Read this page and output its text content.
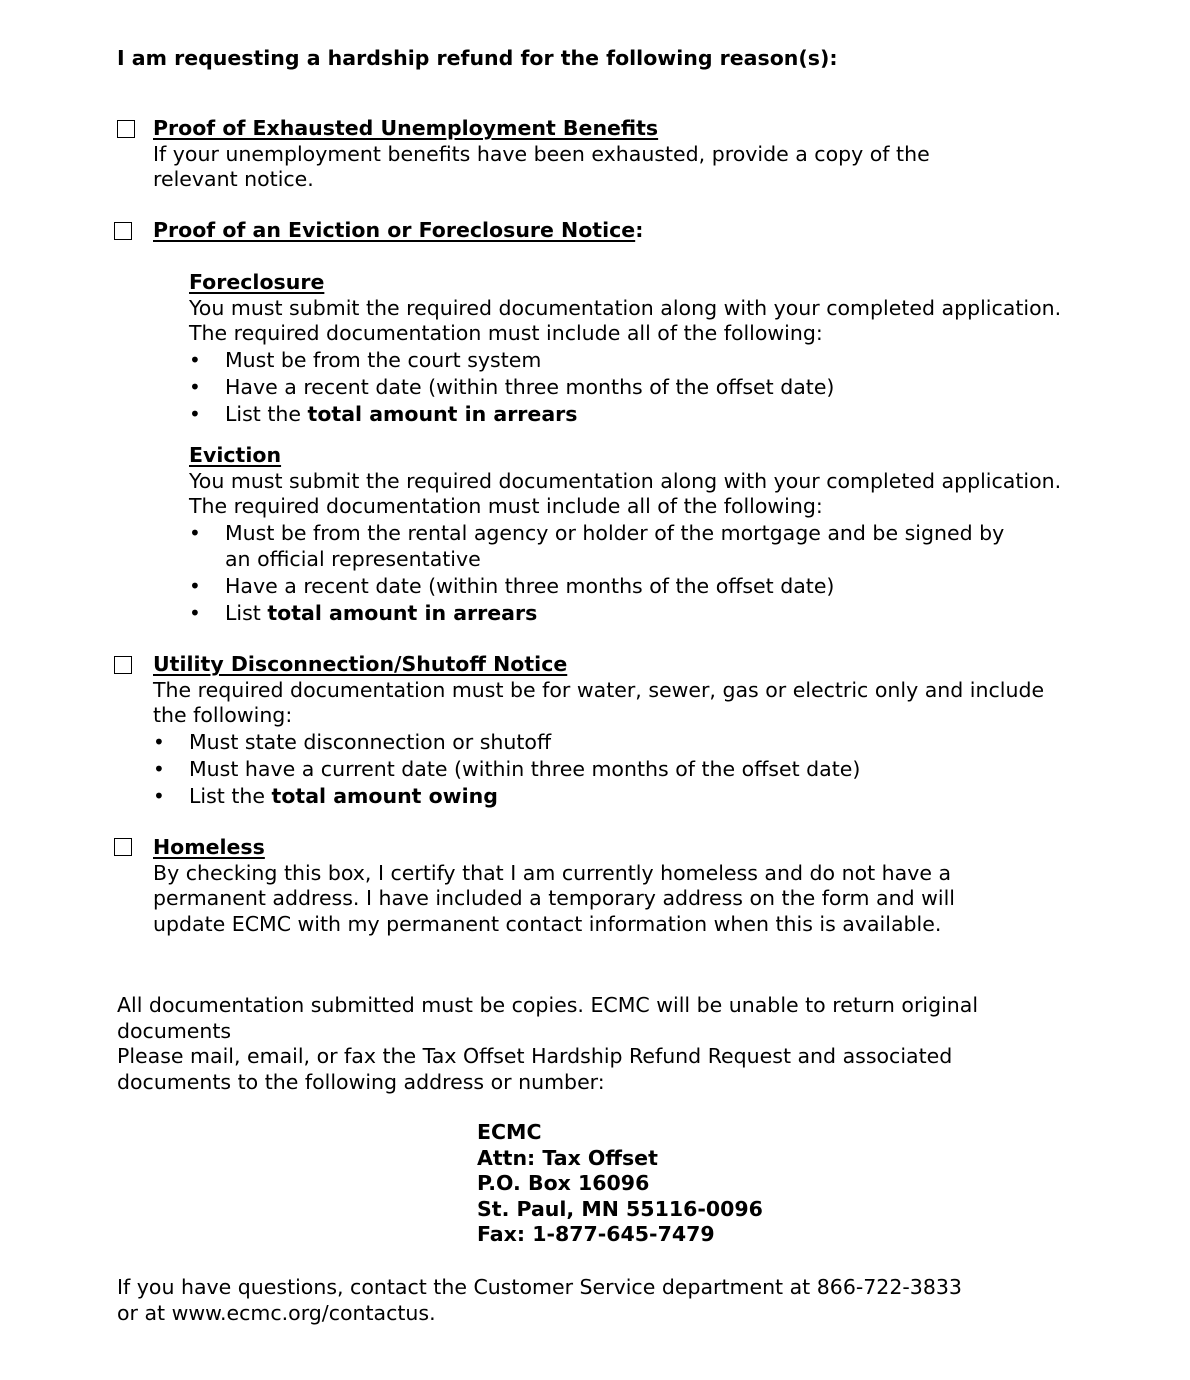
I am requesting a hardship refund for the following reason(s):
Proof of Exhausted Unemployment Benefits
If your unemployment benefits have been exhausted, provide a copy of the relevant notice.
Proof of an Eviction or Foreclosure Notice:
Foreclosure
You must submit the required documentation along with your completed application.
The required documentation must include all of the following:
• Must be from the court system
• Have a recent date (within three months of the offset date)
• List the total amount in arrears
Eviction
You must submit the required documentation along with your completed application.
The required documentation must include all of the following:
• Must be from the rental agency or holder of the mortgage and be signed by an official representative
• Have a recent date (within three months of the offset date)
• List total amount in arrears
Utility Disconnection/Shutoff Notice
The required documentation must be for water, sewer, gas or electric only and include the following:
• Must state disconnection or shutoff
• Must have a current date (within three months of the offset date)
• List the total amount owing
Homeless
By checking this box, I certify that I am currently homeless and do not have a permanent address. I have included a temporary address on the form and will update ECMC with my permanent contact information when this is available.
All documentation submitted must be copies. ECMC will be unable to return original documents
Please mail, email, or fax the Tax Offset Hardship Refund Request and associated documents to the following address or number:
ECMC
Attn: Tax Offset
P.O. Box 16096
St. Paul, MN 55116-0096
Fax: 1-877-645-7479
If you have questions, contact the Customer Service department at 866-722-3833 or at www.ecmc.org/contactus.
